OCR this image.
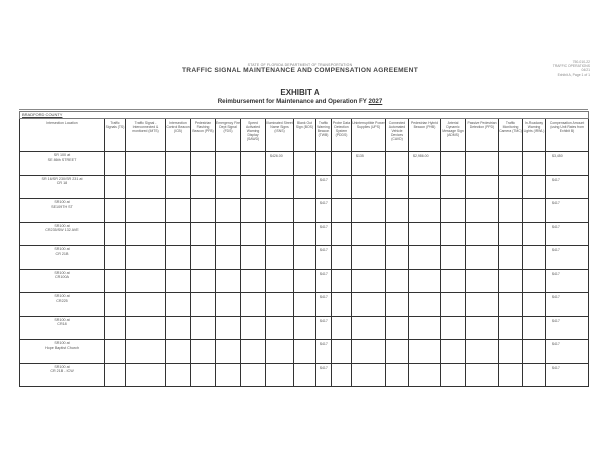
STATE OF FLORIDA DEPARTMENT OF TRANSPORTATION
TRAFFIC SIGNAL MAINTENANCE AND COMPENSATION AGREEMENT
750-010-22
TRAFFIC OPERATIONS
04/21
Exhibit A, Page 1 of 1
EXHIBIT A
Reimbursement for Maintenance and Operation FY 2027
BRADFORD COUNTY																		
Intersection Location	Traffic Signals (TS)	Traffic Signal - Interconnected & monitored (IMTS)	Intersection Control Beacon (ICB)	Pedestrian Flashing Beacon (PFB)	Emergency Fire Dept Signal (FDS)	Speed Activated Warning Display (SAWD)	Illuminated Street Name Signs (ISNS)	Blank Out Sign (BOS)	Traffic Warning Beacon (TWB)	Probe Data Detection System (PDDS)	Uninterruptible Power Supplies (UPS)	Connected Automated Vehicle Devices (CAVD)	Pedestrian Hybrid Beacon (PHB)	Arterial Dynamic Message Sign (ADMS)	Passive Pedestrian Detection (PPD)	Traffic Monitoring Camera (TMC)	In-Roadway Warning Lights (IRWL)	Compensation Amount (using Unit Rates from Exhibit B)

SR 100 at
SE 86th STREET							$426.00				$135		$2,986.00					$3,450

SR 16/SR 230/SR 231 at
CR 18									$417									$417

SR100 at
SE109TH ST									$417									$417

SR100 at
CR235/SW 132 AVE									$417									$417

SR100 at
CR 21B									$417									$417

SR100 at
CR100A									$417									$417

SR100 at
CR225									$417									$417

SR100 at
CR18									$417									$417

SR100 at
Hope Baptist Church									$417									$417

SR100 at
CR 21B - ICW									$417									$417
